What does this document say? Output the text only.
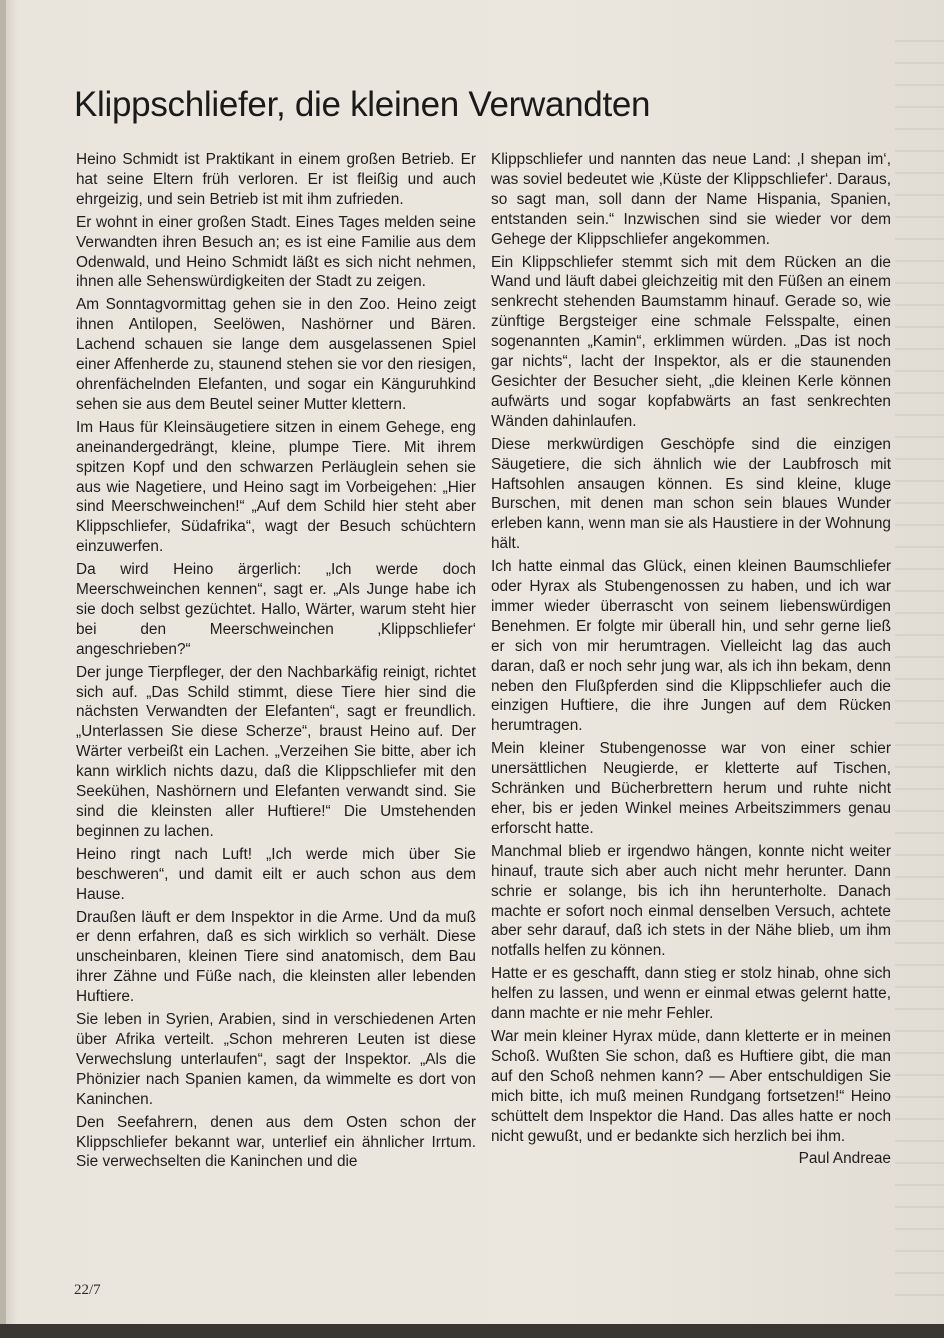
Klippschliefer, die kleinen Verwandten

Heino Schmidt ist Praktikant in einem großen Betrieb. Er hat seine Eltern früh verloren. Er ist fleißig und auch ehrgeizig, und sein Betrieb ist mit ihm zufrieden.

Er wohnt in einer großen Stadt. Eines Tages melden seine Verwandten ihren Besuch an; es ist eine Familie aus dem Odenwald, und Heino Schmidt läßt es sich nicht nehmen, ihnen alle Sehenswürdigkeiten der Stadt zu zeigen.

Am Sonntagvormittag gehen sie in den Zoo. Heino zeigt ihnen Antilopen, Seelöwen, Nashörner und Bären. Lachend schauen sie lange dem ausgelassenen Spiel einer Affenherde zu, staunend stehen sie vor den riesigen, ohrenfächelnden Elefanten, und sogar ein Känguruhkind sehen sie aus dem Beutel seiner Mutter klettern.

Im Haus für Kleinsäugetiere sitzen in einem Gehege, eng aneinandergedrängt, kleine, plumpe Tiere. Mit ihrem spitzen Kopf und den schwarzen Perläuglein sehen sie aus wie Nagetiere, und Heino sagt im Vorbeigehen: „Hier sind Meerschweinchen!“ „Auf dem Schild hier steht aber Klippschliefer, Südafrika“, wagt der Besuch schüchtern einzuwerfen.

Da wird Heino ärgerlich: „Ich werde doch Meerschweinchen kennen“, sagt er. „Als Junge habe ich sie doch selbst gezüchtet. Hallo, Wärter, warum steht hier bei den Meerschweinchen ‚Klippschliefer‘ angeschrieben?“

Der junge Tierpfleger, der den Nachbarkäfig reinigt, richtet sich auf. „Das Schild stimmt, diese Tiere hier sind die nächsten Verwandten der Elefanten“, sagt er freundlich. „Unterlassen Sie diese Scherze“, braust Heino auf. Der Wärter verbeißt ein Lachen. „Verzeihen Sie bitte, aber ich kann wirklich nichts dazu, daß die Klippschliefer mit den Seekühen, Nashörnern und Elefanten verwandt sind. Sie sind die kleinsten aller Huftiere!“ Die Umstehenden beginnen zu lachen.

Heino ringt nach Luft! „Ich werde mich über Sie beschweren“, und damit eilt er auch schon aus dem Hause.

Draußen läuft er dem Inspektor in die Arme. Und da muß er denn erfahren, daß es sich wirklich so verhält. Diese unscheinbaren, kleinen Tiere sind anatomisch, dem Bau ihrer Zähne und Füße nach, die kleinsten aller lebenden Huftiere.

Sie leben in Syrien, Arabien, sind in verschiedenen Arten über Afrika verteilt. „Schon mehreren Leuten ist diese Verwechslung unterlaufen“, sagt der Inspektor. „Als die Phönizier nach Spanien kamen, da wimmelte es dort von Kaninchen.

Den Seefahrern, denen aus dem Osten schon der Klippschliefer bekannt war, unterlief ein ähnlicher Irrtum. Sie verwechselten die Kaninchen und die

Klippschliefer und nannten das neue Land: ‚I shepan im‘, was soviel bedeutet wie ‚Küste der Klippschliefer‘. Daraus, so sagt man, soll dann der Name Hispania, Spanien, entstanden sein.“ Inzwischen sind sie wieder vor dem Gehege der Klippschliefer angekommen.

Ein Klippschliefer stemmt sich mit dem Rücken an die Wand und läuft dabei gleichzeitig mit den Füßen an einem senkrecht stehenden Baumstamm hinauf. Gerade so, wie zünftige Bergsteiger eine schmale Felsspalte, einen sogenannten „Kamin“, erklimmen würden. „Das ist noch gar nichts“, lacht der Inspektor, als er die staunenden Gesichter der Besucher sieht, „die kleinen Kerle können aufwärts und sogar kopfabwärts an fast senkrechten Wänden dahinlaufen.

Diese merkwürdigen Geschöpfe sind die einzigen Säugetiere, die sich ähnlich wie der Laubfrosch mit Haftsohlen ansaugen können. Es sind kleine, kluge Burschen, mit denen man schon sein blaues Wunder erleben kann, wenn man sie als Haustiere in der Wohnung hält.

Ich hatte einmal das Glück, einen kleinen Baumschliefer oder Hyrax als Stubengenossen zu haben, und ich war immer wieder überrascht von seinem liebenswürdigen Benehmen. Er folgte mir überall hin, und sehr gerne ließ er sich von mir herumtragen. Vielleicht lag das auch daran, daß er noch sehr jung war, als ich ihn bekam, denn neben den Flußpferden sind die Klippschliefer auch die einzigen Huftiere, die ihre Jungen auf dem Rücken herumtragen.

Mein kleiner Stubengenosse war von einer schier unersättlichen Neugierde, er kletterte auf Tischen, Schränken und Bücherbrettern herum und ruhte nicht eher, bis er jeden Winkel meines Arbeitszimmers genau erforscht hatte.

Manchmal blieb er irgendwo hängen, konnte nicht weiter hinauf, traute sich aber auch nicht mehr herunter. Dann schrie er solange, bis ich ihn herunterholte. Danach machte er sofort noch einmal denselben Versuch, achtete aber sehr darauf, daß ich stets in der Nähe blieb, um ihm notfalls helfen zu können.

Hatte er es geschafft, dann stieg er stolz hinab, ohne sich helfen zu lassen, und wenn er einmal etwas gelernt hatte, dann machte er nie mehr Fehler.

War mein kleiner Hyrax müde, dann kletterte er in meinen Schoß. Wußten Sie schon, daß es Huftiere gibt, die man auf den Schoß nehmen kann? — Aber entschuldigen Sie mich bitte, ich muß meinen Rundgang fortsetzen!“ Heino schüttelt dem Inspektor die Hand. Das alles hatte er noch nicht gewußt, und er bedankte sich herzlich bei ihm.

Paul Andreae

22/7
